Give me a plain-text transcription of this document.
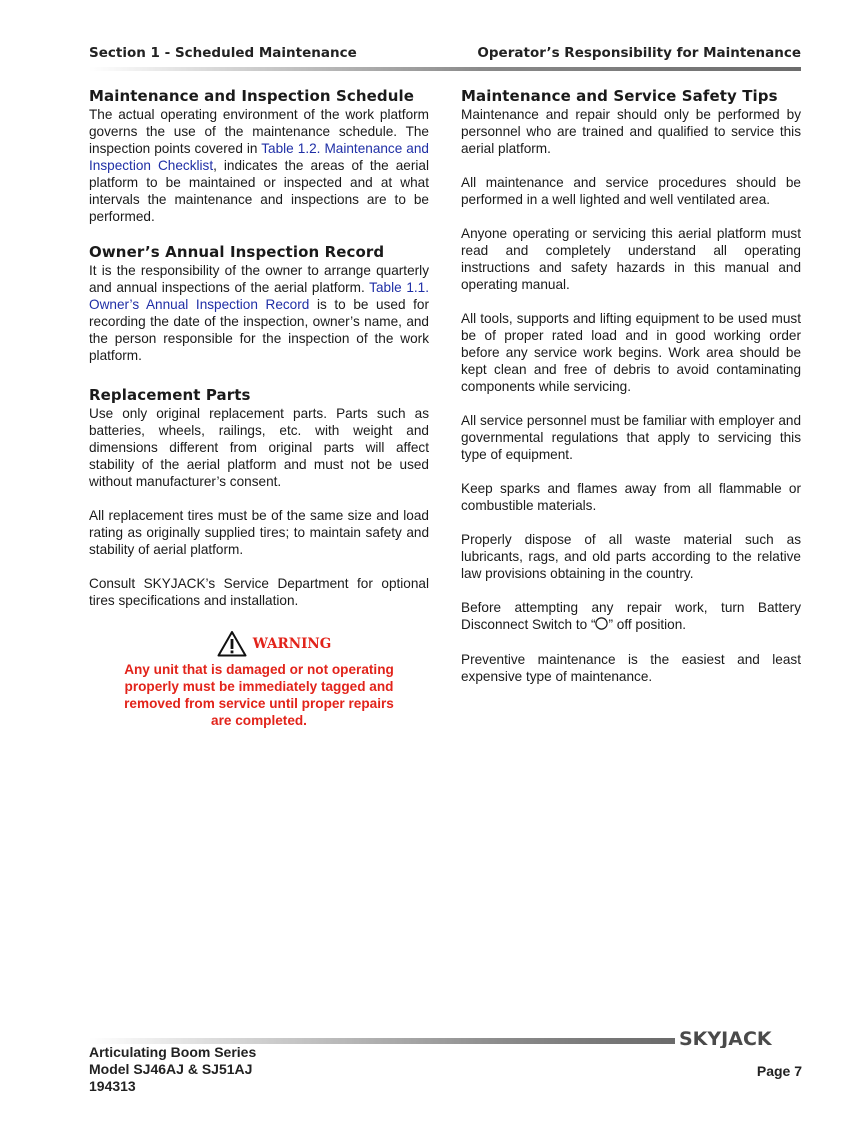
Section 1 - Scheduled Maintenance	Operator’s Responsibility for Maintenance
Maintenance and Inspection Schedule

The actual operating environment of the work platform governs the use of the maintenance schedule. The inspection points covered in Table 1.2. Maintenance and Inspection Checklist, indicates the areas of the aerial platform to be maintained or inspected and at what intervals the maintenance and inspections are to be performed.

Owner’s Annual Inspection Record

It is the responsibility of the owner to arrange quarterly and annual inspections of the aerial platform. Table 1.1. Owner’s Annual Inspection Record is to be used for recording the date of the inspection, owner’s name, and the person responsible for the inspection of the work platform.

Replacement Parts

Use only original replacement parts. Parts such as batteries, wheels, railings, etc. with weight and dimensions different from original parts will affect stability of the aerial platform and must not be used without manufacturer’s consent.

All replacement tires must be of the same size and load rating as originally supplied tires; to maintain safety and stability of aerial platform.

Consult SKYJACK’s Service Department for optional tires specifications and installation.

WARNING
Any unit that is damaged or not operating properly must be immediately tagged and removed from service until proper repairs are completed.
Maintenance and Service Safety Tips

Maintenance and repair should only be performed by personnel who are trained and qualified to service this aerial platform.

All maintenance and service procedures should be performed in a well lighted and well ventilated area.

Anyone operating or servicing this aerial platform must read and completely understand all operating instructions and safety hazards in this manual and operating manual.

All tools, supports and lifting equipment to be used must be of proper rated load and in good working order before any service work begins. Work area should be kept clean and free of debris to avoid contaminating components while servicing.

All service personnel must be familiar with employer and governmental regulations that apply to servicing this type of equipment.

Keep sparks and flames away from all flammable or combustible materials.

Properly dispose of all waste material such as lubricants, rags, and old parts according to the relative law provisions obtaining in the country.

Before attempting any repair work, turn Battery Disconnect Switch to “ ” off position.

Preventive maintenance is the easiest and least expensive type of maintenance.

SKYJACK
Articulating Boom Series
Model SJ46AJ & SJ51AJ
194313
Page 7
